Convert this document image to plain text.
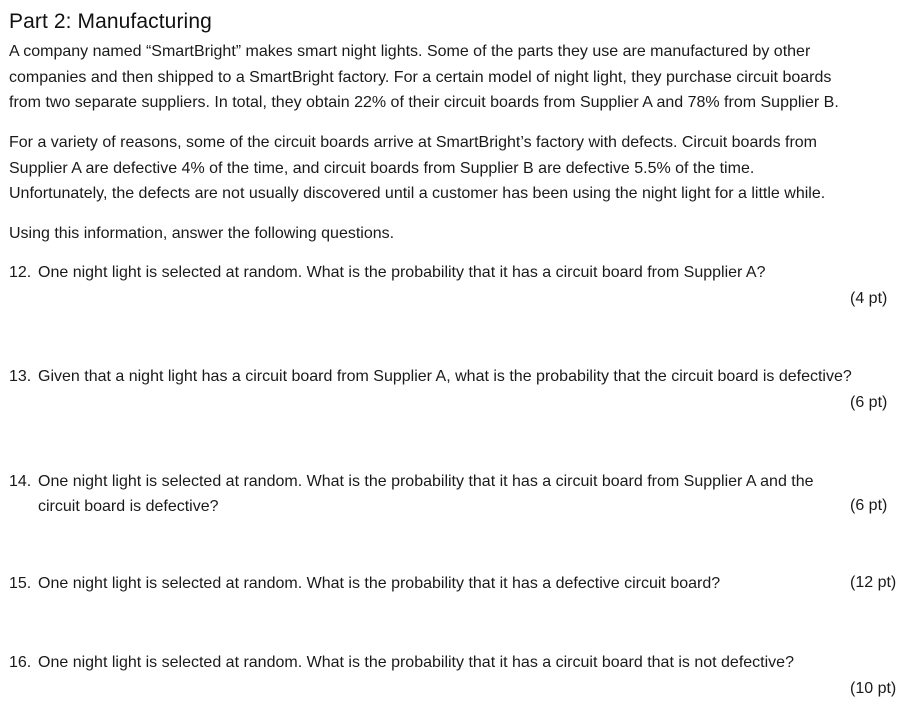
Part 2: Manufacturing
A company named “SmartBright” makes smart night lights. Some of the parts they use are manufactured by other
companies and then shipped to a SmartBright factory. For a certain model of night light, they purchase circuit boards
from two separate suppliers. In total, they obtain 22% of their circuit boards from Supplier A and 78% from Supplier B.
For a variety of reasons, some of the circuit boards arrive at SmartBright’s factory with defects. Circuit boards from
Supplier A are defective 4% of the time, and circuit boards from Supplier B are defective 5.5% of the time.
Unfortunately, the defects are not usually discovered until a customer has been using the night light for a little while.
Using this information, answer the following questions.
12. One night light is selected at random. What is the probability that it has a circuit board from Supplier A?
(4 pt)
13. Given that a night light has a circuit board from Supplier A, what is the probability that the circuit board is defective?
(6 pt)
14. One night light is selected at random. What is the probability that it has a circuit board from Supplier A and the
circuit board is defective?	(6 pt)
15. One night light is selected at random. What is the probability that it has a defective circuit board?	(12 pt)
16. One night light is selected at random. What is the probability that it has a circuit board that is not defective?
(10 pt)
